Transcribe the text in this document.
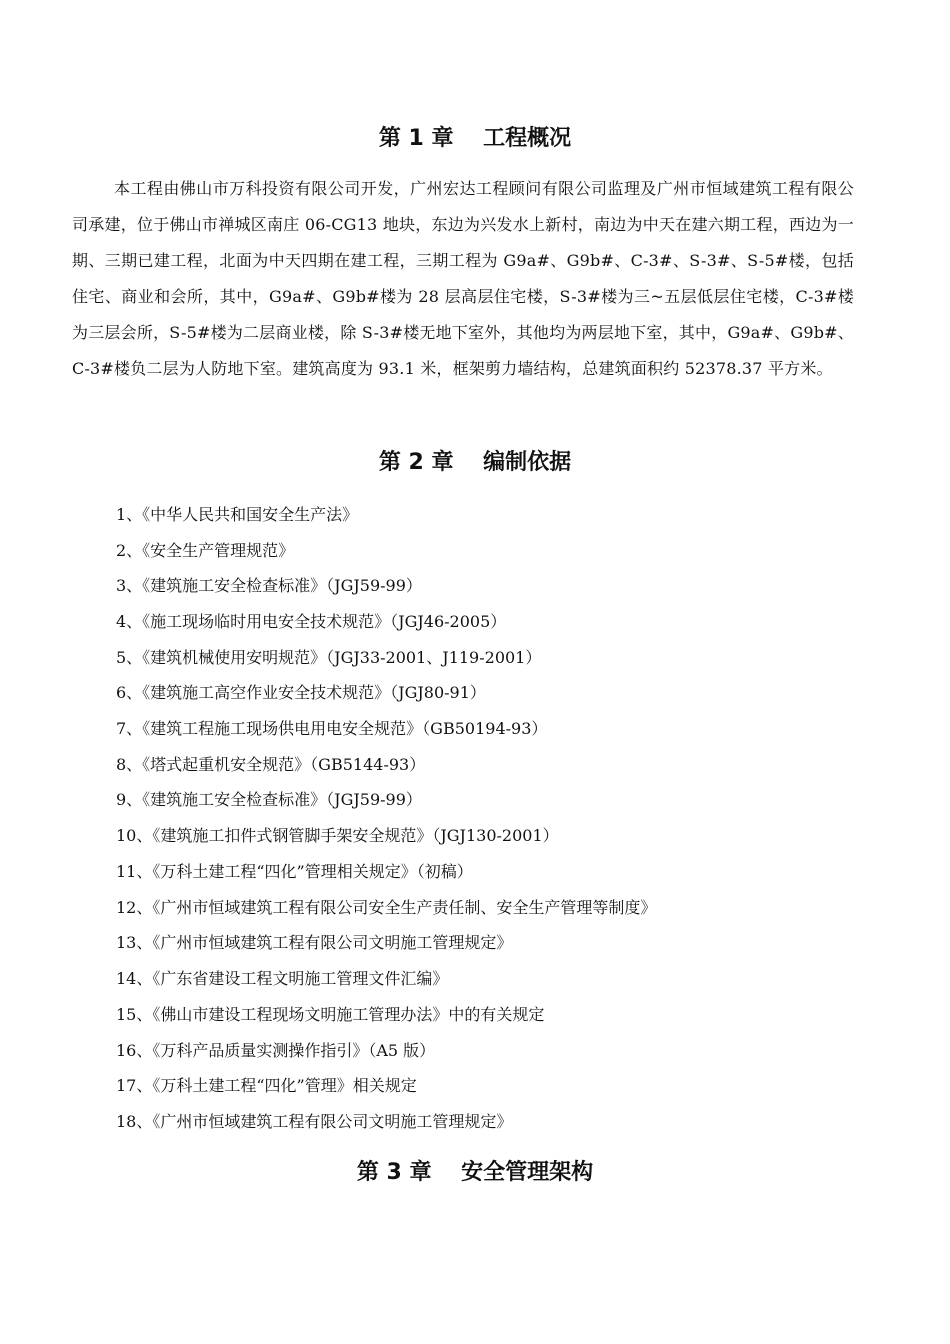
第 1 章　 工程概况

本工程由佛山市万科投资有限公司开发，广州宏达工程顾问有限公司监理及广州市恒域建筑工程有限公司承建，位于佛山市禅城区南庄 06-CG13 地块，东边为兴发水上新村，南边为中天在建六期工程，西边为一期、三期已建工程，北面为中天四期在建工程，三期工程为 G9a#、G9b#、C-3#、S-3#、S-5#楼，包括住宅、商业和会所，其中，G9a#、G9b#楼为 28 层高层住宅楼，S-3#楼为三~五层低层住宅楼，C-3#楼为三层会所，S-5#楼为二层商业楼，除 S-3#楼无地下室外，其他均为两层地下室，其中，G9a#、G9b#、C-3#楼负二层为人防地下室。建筑高度为 93.1 米，框架剪力墙结构，总建筑面积约 52378.37 平方米。

第 2 章　 编制依据
1、《中华人民共和国安全生产法》
2、《安全生产管理规范》
3、《建筑施工安全检查标准》（JGJ59-99）
4、《施工现场临时用电安全技术规范》（JGJ46-2005）
5、《建筑机械使用安明规范》（JGJ33-2001、J119-2001）
6、《建筑施工高空作业安全技术规范》（JGJ80-91）
7、《建筑工程施工现场供电用电安全规范》（GB50194-93）
8、《塔式起重机安全规范》（GB5144-93）
9、《建筑施工安全检查标准》（JGJ59-99）
10、《建筑施工扣件式钢管脚手架安全规范》（JGJ130-2001）
11、《万科土建工程“四化”管理相关规定》（初稿）
12、《广州市恒域建筑工程有限公司安全生产责任制、安全生产管理等制度》
13、《广州市恒域建筑工程有限公司文明施工管理规定》
14、《广东省建设工程文明施工管理文件汇编》
15、《佛山市建设工程现场文明施工管理办法》中的有关规定
16、《万科产品质量实测操作指引》（A5 版）
17、《万科土建工程“四化”管理》相关规定
18、《广州市恒域建筑工程有限公司文明施工管理规定》
第 3 章　 安全管理架构
